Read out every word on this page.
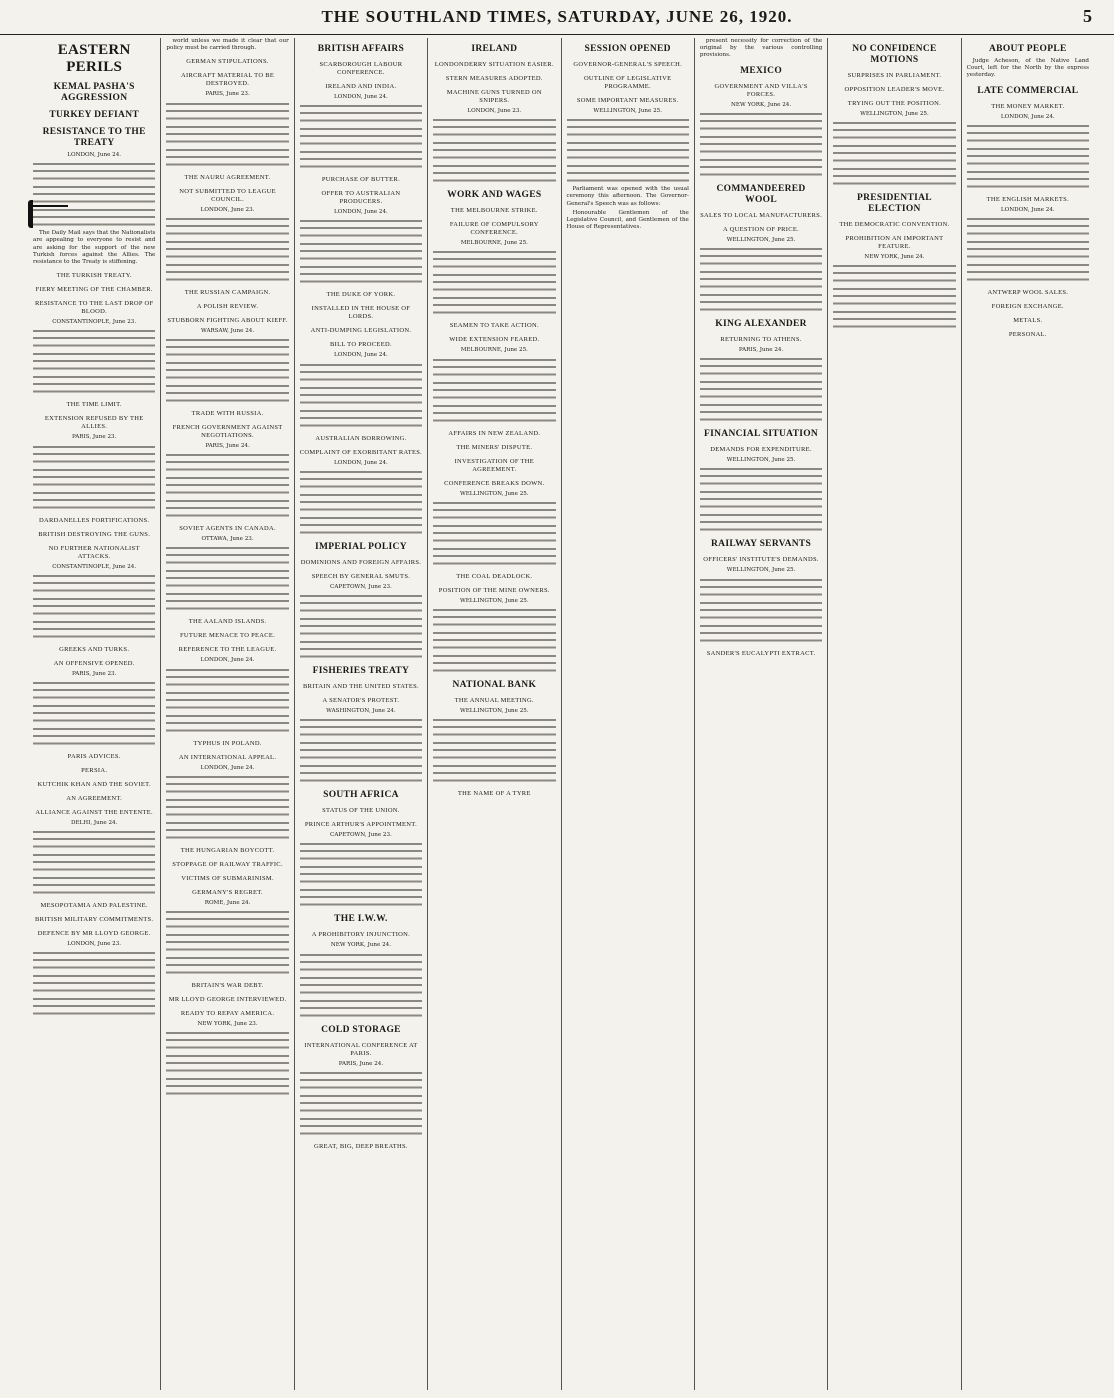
THE SOUTHLAND TIMES, SATURDAY, JUNE 26, 1920.	5
EASTERN PERILS
KEMAL PASHA'S AGGRESSION
TURKEY DEFIANT
RESISTANCE TO THE TREATY
LONDON, June 24.

The Daily Mail says that the Nationalists are appealing to everyone to resist and are asking for the support of the new Turkish forces against the Allies. The resistance to the Treaty is stiffening.

THE TURKISH TREATY.
FIERY MEETING OF THE CHAMBER.
RESISTANCE TO THE LAST DROP OF BLOOD.
CONSTANTINOPLE, June 23.

THE TIME LIMIT.
EXTENSION REFUSED BY THE ALLIES.
PARIS, June 23.

DARDANELLES FORTIFICATIONS.
BRITISH DESTROYING THE GUNS.
NO FURTHER NATIONALIST ATTACKS.
CONSTANTINOPLE, June 24.

GREEKS AND TURKS.
AN OFFENSIVE OPENED.
PARIS, June 23.

PARIS ADVICES.
PERSIA.
KUTCHIK KHAN AND THE SOVIET.
AN AGREEMENT.
ALLIANCE AGAINST THE ENTENTE.
DELHI, June 24.

MESOPOTAMIA AND PALESTINE.
BRITISH MILITARY COMMITMENTS.
DEFENCE BY MR LLOYD GEORGE.
LONDON, June 23.

world unless we made it clear that our policy must be carried through.

GERMAN STIPULATIONS.
AIRCRAFT MATERIAL TO BE DESTROYED.
PARIS, June 23.

THE NAURU AGREEMENT.
NOT SUBMITTED TO LEAGUE COUNCIL.
LONDON, June 23.

THE RUSSIAN CAMPAIGN.
A POLISH REVIEW.
STUBBORN FIGHTING ABOUT KIEFF.
WARSAW, June 24.

TRADE WITH RUSSIA.
FRENCH GOVERNMENT AGAINST NEGOTIATIONS.
PARIS, June 24.

SOVIET AGENTS IN CANADA.
OTTAWA, June 23.

THE AALAND ISLANDS.
FUTURE MENACE TO PEACE.
REFERENCE TO THE LEAGUE.
LONDON, June 24.

TYPHUS IN POLAND.
AN INTERNATIONAL APPEAL.
LONDON, June 24.

THE HUNGARIAN BOYCOTT.
STOPPAGE OF RAILWAY TRAFFIC.
VICTIMS OF SUBMARINISM.
GERMANY'S REGRET.
ROME, June 24.

BRITAIN'S WAR DEBT.
MR LLOYD GEORGE INTERVIEWED.
READY TO REPAY AMERICA.
NEW YORK, June 23.

BRITISH AFFAIRS
SCARBOROUGH LABOUR CONFERENCE.
IRELAND AND INDIA.
LONDON, June 24.

PURCHASE OF BUTTER.
OFFER TO AUSTRALIAN PRODUCERS.
LONDON, June 24.

THE DUKE OF YORK.
INSTALLED IN THE HOUSE OF LORDS.
ANTI-DUMPING LEGISLATION.
BILL TO PROCEED.
LONDON, June 24.

AUSTRALIAN BORROWING.
COMPLAINT OF EXORBITANT RATES.
LONDON, June 24.

IMPERIAL POLICY
DOMINIONS AND FOREIGN AFFAIRS.
SPEECH BY GENERAL SMUTS.
CAPETOWN, June 23.

FISHERIES TREATY
BRITAIN AND THE UNITED STATES.
A SENATOR'S PROTEST.
WASHINGTON, June 24.

SOUTH AFRICA
STATUS OF THE UNION.
PRINCE ARTHUR'S APPOINTMENT.
CAPETOWN, June 23.

THE I.W.W.
A PROHIBITORY INJUNCTION.
NEW YORK, June 24.

COLD STORAGE
INTERNATIONAL CONFERENCE AT PARIS.
PARIS, June 24.

GREAT, BIG, DEEP BREATHS.
IRELAND
LONDONDERRY SITUATION EASIER.
STERN MEASURES ADOPTED.
MACHINE GUNS TURNED ON SNIPERS.
LONDON, June 23.

WORK AND WAGES
THE MELBOURNE STRIKE.
FAILURE OF COMPULSORY CONFERENCE.
MELBOURNE, June 25.

SEAMEN TO TAKE ACTION.
WIDE EXTENSION FEARED.
MELBOURNE, June 25.

AFFAIRS IN NEW ZEALAND.
THE MINERS' DISPUTE.
INVESTIGATION OF THE AGREEMENT.
CONFERENCE BREAKS DOWN.
WELLINGTON, June 25.

THE COAL DEADLOCK.
POSITION OF THE MINE OWNERS.
WELLINGTON, June 25.

NATIONAL BANK
THE ANNUAL MEETING.
WELLINGTON, June 25.

THE NAME OF A TYRE
SESSION OPENED
GOVERNOR-GENERAL'S SPEECH.
OUTLINE OF LEGISLATIVE PROGRAMME.
SOME IMPORTANT MEASURES.
WELLINGTON, June 25.

Parliament was opened with the usual ceremony this afternoon. The Governor-General's Speech was as follows:

Honourable Gentlemen of the Legislative Council, and Gentlemen of the House of Representatives.

present necessity for correction of the original by the various controlling provisions.

MEXICO
GOVERNMENT AND VILLA'S FORCES.
NEW YORK, June 24.

COMMANDEERED WOOL
SALES TO LOCAL MANUFACTURERS.
A QUESTION OF PRICE.
WELLINGTON, June 25.

KING ALEXANDER
RETURNING TO ATHENS.
PARIS, June 24.

FINANCIAL SITUATION
DEMANDS FOR EXPENDITURE.
WELLINGTON, June 25.

RAILWAY SERVANTS
OFFICERS' INSTITUTE'S DEMANDS.
WELLINGTON, June 25.

SANDER'S EUCALYPTI EXTRACT.
NO CONFIDENCE MOTIONS
SURPRISES IN PARLIAMENT.
OPPOSITION LEADER'S MOVE.
TRYING OUT THE POSITION.
WELLINGTON, June 25.

PRESIDENTIAL ELECTION
THE DEMOCRATIC CONVENTION.
PROHIBITION AN IMPORTANT FEATURE.
NEW YORK, June 24.

ABOUT PEOPLE

Judge Acheson, of the Native Land Court, left for the North by the express yesterday.

LATE COMMERCIAL
THE MONEY MARKET.
LONDON, June 24.

THE ENGLISH MARKETS.
LONDON, June 24.

ANTWERP WOOL SALES.
FOREIGN EXCHANGE.
METALS.
PERSONAL.
